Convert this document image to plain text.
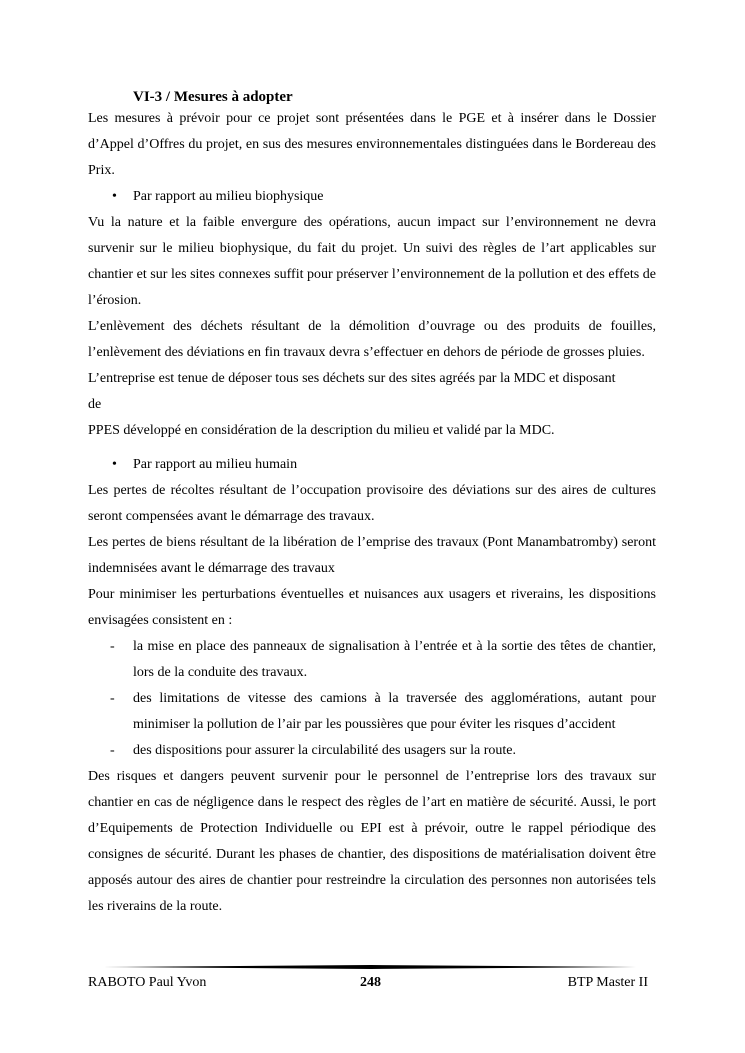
VI-3 / Mesures à adopter

Les mesures à prévoir pour ce projet sont présentées dans le PGE et à insérer dans le Dossier d’Appel d’Offres du projet, en sus des mesures environnementales distinguées dans le Bordereau des Prix.

• Par rapport au milieu biophysique

Vu la nature et la faible envergure des opérations, aucun impact sur l’environnement ne devra survenir sur le milieu biophysique, du fait du projet. Un suivi des règles de l’art applicables sur chantier et sur les sites connexes suffit pour préserver l’environnement de la pollution et des effets de l’érosion.

L’enlèvement des déchets résultant de la démolition d’ouvrage ou des produits de fouilles, l’enlèvement des déviations en fin travaux devra s’effectuer en dehors de période de grosses pluies.

L’entreprise est tenue de déposer tous ses déchets sur des sites agréés par la MDC et disposant

de

PPES développé en considération de la description du milieu et validé par la MDC.

• Par rapport au milieu humain

Les pertes de récoltes résultant de l’occupation provisoire des déviations sur des aires de cultures seront compensées avant le démarrage des travaux.

Les pertes de biens résultant de la libération de l’emprise des travaux (Pont Manambatromby) seront indemnisées avant le démarrage des travaux

Pour minimiser les perturbations éventuelles et nuisances aux usagers et riverains, les dispositions envisagées consistent en :

- la mise en place des panneaux de signalisation à l’entrée et à la sortie des têtes de chantier, lors de la conduite des travaux.
- des limitations de vitesse des camions à la traversée des agglomérations, autant pour minimiser la pollution de l’air par les poussières que pour éviter les risques d’accident
- des dispositions pour assurer la circulabilité des usagers sur la route.

Des risques et dangers peuvent survenir pour le personnel de l’entreprise lors des travaux sur chantier en cas de négligence dans le respect des règles de l’art en matière de sécurité. Aussi, le port d’Equipements de Protection Individuelle ou EPI est à prévoir, outre le rappel périodique des consignes de sécurité. Durant les phases de chantier, des dispositions de matérialisation doivent être apposés autour des aires de chantier pour restreindre la circulation des personnes non autorisées tels les riverains de la route.

RABOTO Paul Yvon	248	BTP Master II
